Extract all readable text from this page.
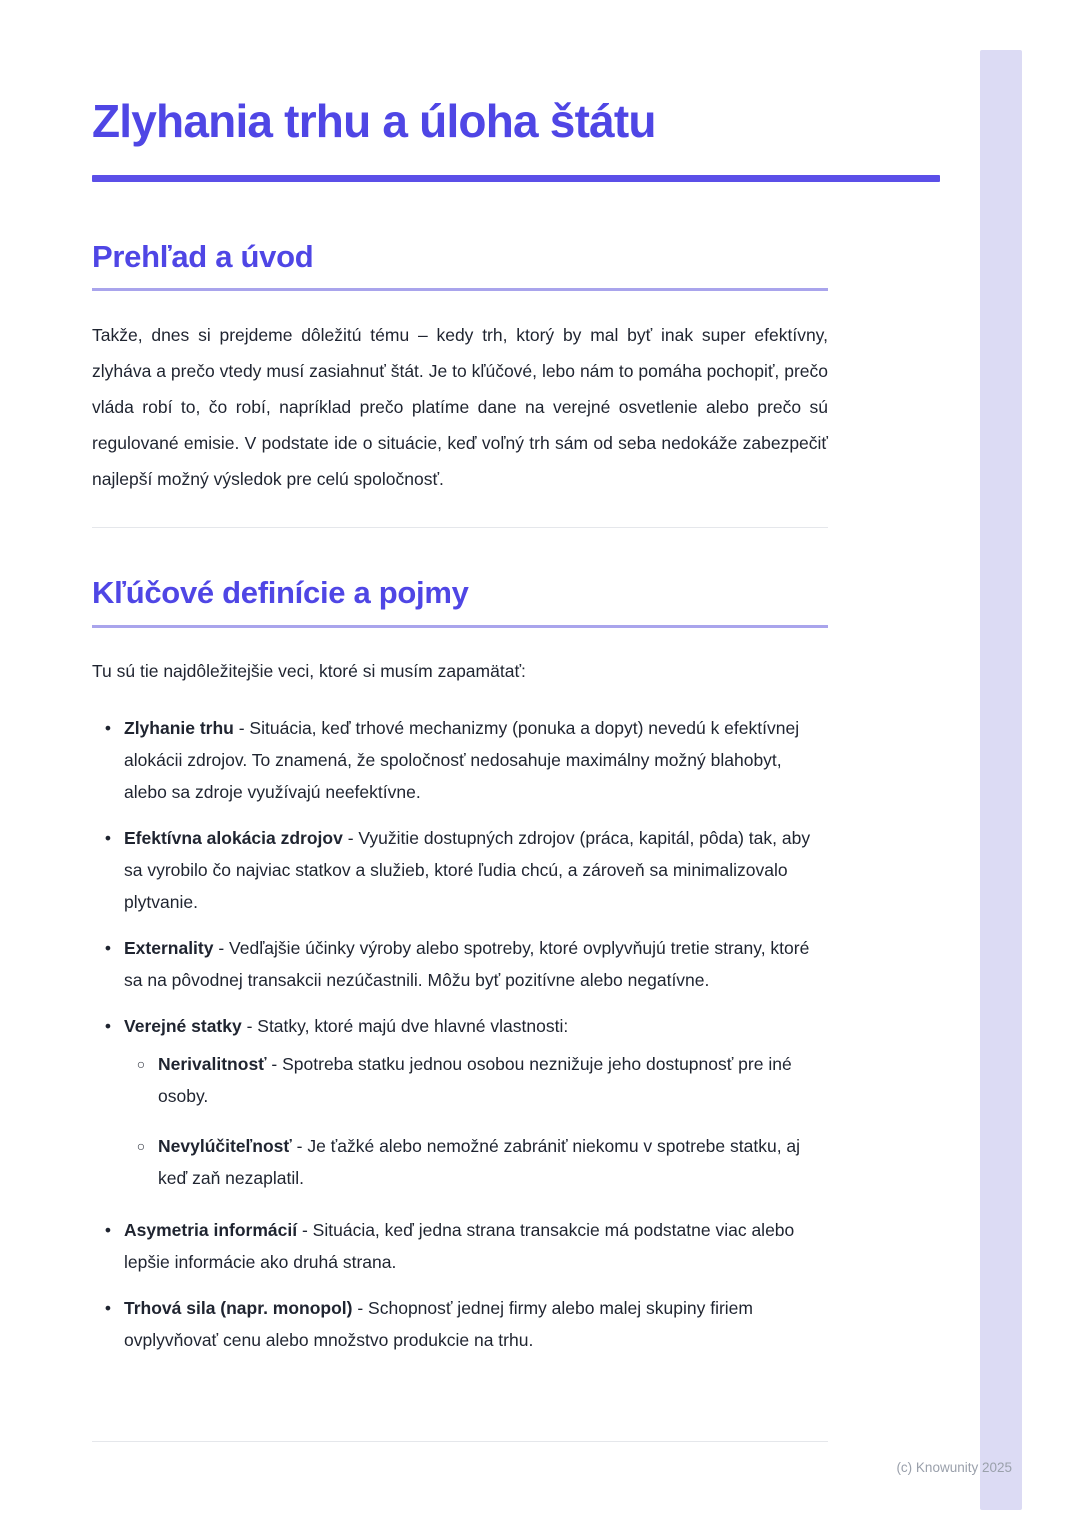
Zlyhania trhu a úloha štátu
Prehľad a úvod

Takže, dnes si prejdeme dôležitú tému – kedy trh, ktorý by mal byť inak super efektívny, zlyháva a prečo vtedy musí zasiahnuť štát. Je to kľúčové, lebo nám to pomáha pochopiť, prečo vláda robí to, čo robí, napríklad prečo platíme dane na verejné osvetlenie alebo prečo sú regulované emisie. V podstate ide o situácie, keď voľný trh sám od seba nedokáže zabezpečiť najlepší možný výsledok pre celú spoločnosť.

Kľúčové definície a pojmy

Tu sú tie najdôležitejšie veci, ktoré si musím zapamätať:

• Zlyhanie trhu - Situácia, keď trhové mechanizmy (ponuka a dopyt) nevedú k efektívnej alokácii zdrojov. To znamená, že spoločnosť nedosahuje maximálny možný blahobyt, alebo sa zdroje využívajú neefektívne.
• Efektívna alokácia zdrojov - Využitie dostupných zdrojov (práca, kapitál, pôda) tak, aby sa vyrobilo čo najviac statkov a služieb, ktoré ľudia chcú, a zároveň sa minimalizovalo plytvanie.
• Externality - Vedľajšie účinky výroby alebo spotreby, ktoré ovplyvňujú tretie strany, ktoré sa na pôvodnej transakcii nezúčastnili. Môžu byť pozitívne alebo negatívne.
• Verejné statky - Statky, ktoré majú dve hlavné vlastnosti:
○ Nerivalitnosť - Spotreba statku jednou osobou neznižuje jeho dostupnosť pre iné osoby.
○ Nevylúčiteľnosť - Je ťažké alebo nemožné zabrániť niekomu v spotrebe statku, aj keď zaň nezaplatil.
• Asymetria informácií - Situácia, keď jedna strana transakcie má podstatne viac alebo lepšie informácie ako druhá strana.
• Trhová sila (napr. monopol) - Schopnosť jednej firmy alebo malej skupiny firiem ovplyvňovať cenu alebo množstvo produkcie na trhu.
(c) Knowunity 2025
